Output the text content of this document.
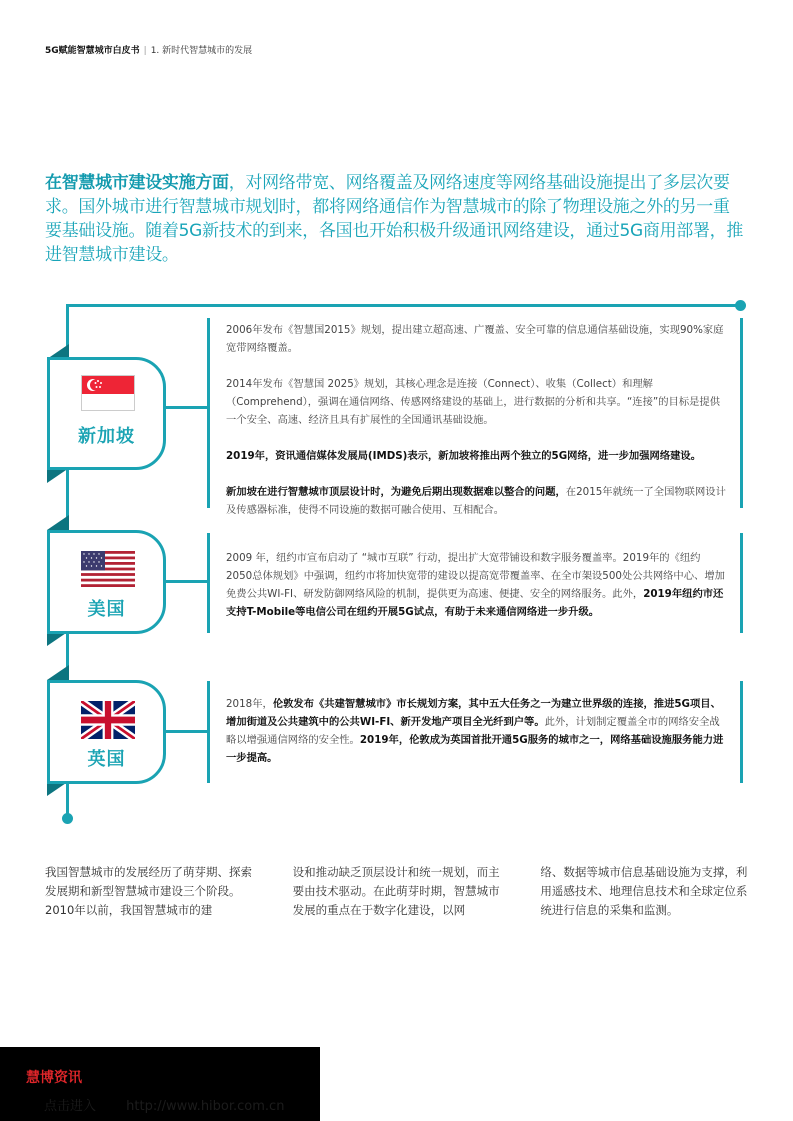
5G赋能智慧城市白皮书 | 1. 新时代智慧城市的发展
在智慧城市建设实施方面，对网络带宽、网络覆盖及网络速度等网络基础设施提出了多层次要求。国外城市进行智慧城市规划时，都将网络通信作为智慧城市的除了物理设施之外的另一重要基础设施。随着5G新技术的到来，各国也开始积极升级通讯网络建设，通过5G商用部署，推进智慧城市建设。
新加坡
美国
英国

2006年发布《智慧国2015》规划，提出建立超高速、广覆盖、安全可靠的信息通信基础设施，实现90%家庭宽带网络覆盖。

2014年发布《智慧国 2025》规划，其核心理念是连接（Connect）、收集（Collect）和理解（Comprehend），强调在通信网络、传感网络建设的基础上，进行数据的分析和共享。“连接”的目标是提供一个安全、高速、经济且具有扩展性的全国通讯基础设施。

2019年，资讯通信媒体发展局(IMDS)表示，新加坡将推出两个独立的5G网络，进一步加强网络建设。

新加坡在进行智慧城市顶层设计时，为避免后期出现数据难以整合的问题，在2015年就统一了全国物联网设计及传感器标准，使得不同设施的数据可融合使用、互相配合。

2009 年，纽约市宣布启动了 “城市互联” 行动，提出扩大宽带铺设和数字服务覆盖率。2019年的《纽约2050总体规划》中强调，纽约市将加快宽带的建设以提高宽带覆盖率、在全市架设500处公共网络中心、增加免费公共WI-FI、研发防御网络风险的机制，提供更为高速、便捷、安全的网络服务。此外，2019年纽约市还支持T-Mobile等电信公司在纽约开展5G试点，有助于未来通信网络进一步升级。

2018年，伦敦发布《共建智慧城市》市长规划方案，其中五大任务之一为建立世界级的连接，推进5G项目、增加街道及公共建筑中的公共WI-FI、新开发地产项目全光纤到户等。此外，计划制定覆盖全市的网络安全战略以增强通信网络的安全性。2019年，伦敦成为英国首批开通5G服务的城市之一，网络基础设施服务能力进一步提高。

我国智慧城市的发展经历了萌芽期、探索发展期和新型智慧城市建设三个阶段。2010年以前，我国智慧城市的建
设和推动缺乏顶层设计和统一规划，而主要由技术驱动。在此萌芽时期，智慧城市发展的重点在于数字化建设，以网
络、数据等城市信息基础设施为支撑，利用遥感技术、地理信息技术和全球定位系统进行信息的采集和监测。
慧博资讯
点击进入 http://www.hibor.com.cn
